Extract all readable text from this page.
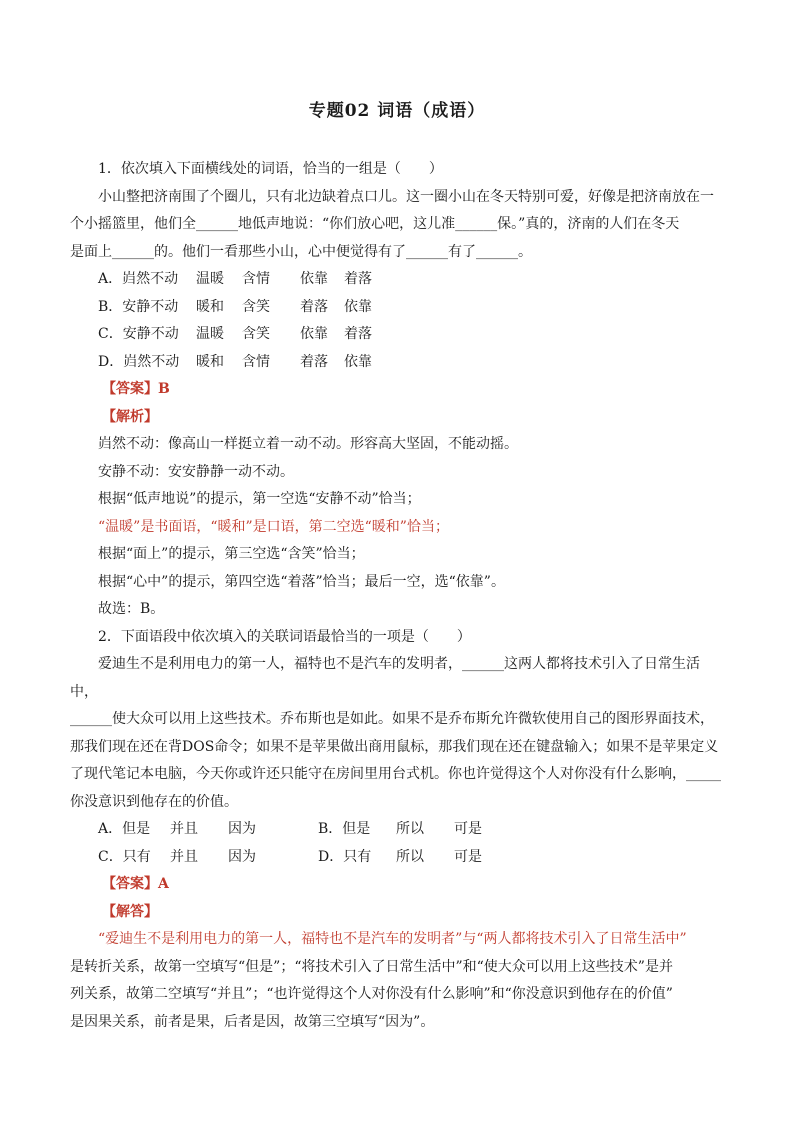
专题02 词语（成语）
1．依次填入下面横线处的词语，恰当的一组是（　　）
小山整把济南围了个圈儿，只有北边缺着点口儿。这一圈小山在冬天特别可爱，好像是把济南放在一
个小摇篮里，他们全______地低声地说：“你们放心吧，这儿准______保。”真的，济南的人们在冬天
是面上______的。他们一看那些小山，心中便觉得有了______有了______。
A．岿然不动 温暖 含情 依靠 着落
B．安静不动 暖和 含笑 着落 依靠
C．安静不动 温暖 含笑 依靠 着落
D．岿然不动 暖和 含情 着落 依靠
【答案】B
【解析】
岿然不动：像高山一样挺立着一动不动。形容高大坚固，不能动摇。
安静不动：安安静静一动不动。
根据“低声地说”的提示，第一空选“安静不动”恰当；
“温暖”是书面语，“暖和”是口语，第二空选“暖和”恰当；
根据“面上”的提示，第三空选“含笑”恰当；
根据“心中”的提示，第四空选“着落”恰当；最后一空，选“依靠”。
故选：B。
2．下面语段中依次填入的关联词语最恰当的一项是（　　）
爱迪生不是利用电力的第一人，福特也不是汽车的发明者，______这两人都将技术引入了日常生活
中，
______使大众可以用上这些技术。乔布斯也是如此。如果不是乔布斯允许微软使用自己的图形界面技术，
那我们现在还在背DOS命令；如果不是苹果做出商用鼠标，那我们现在还在键盘输入；如果不是苹果定义
了现代笔记本电脑，今天你或许还只能守在房间里用台式机。你也许觉得这个人对你没有什么影响，_____
你没意识到他存在的价值。
A．但是 并且 因为	B．但是 所以 可是
C．只有 并且 因为	D．只有 所以 可是
【答案】A
【解答】
“爱迪生不是利用电力的第一人，福特也不是汽车的发明者”与“两人都将技术引入了日常生活中”
是转折关系，故第一空填写“但是”；“将技术引入了日常生活中”和“使大众可以用上这些技术”是并
列关系，故第二空填写“并且”；“也许觉得这个人对你没有什么影响”和“你没意识到他存在的价值”
是因果关系，前者是果，后者是因，故第三空填写“因为”。
